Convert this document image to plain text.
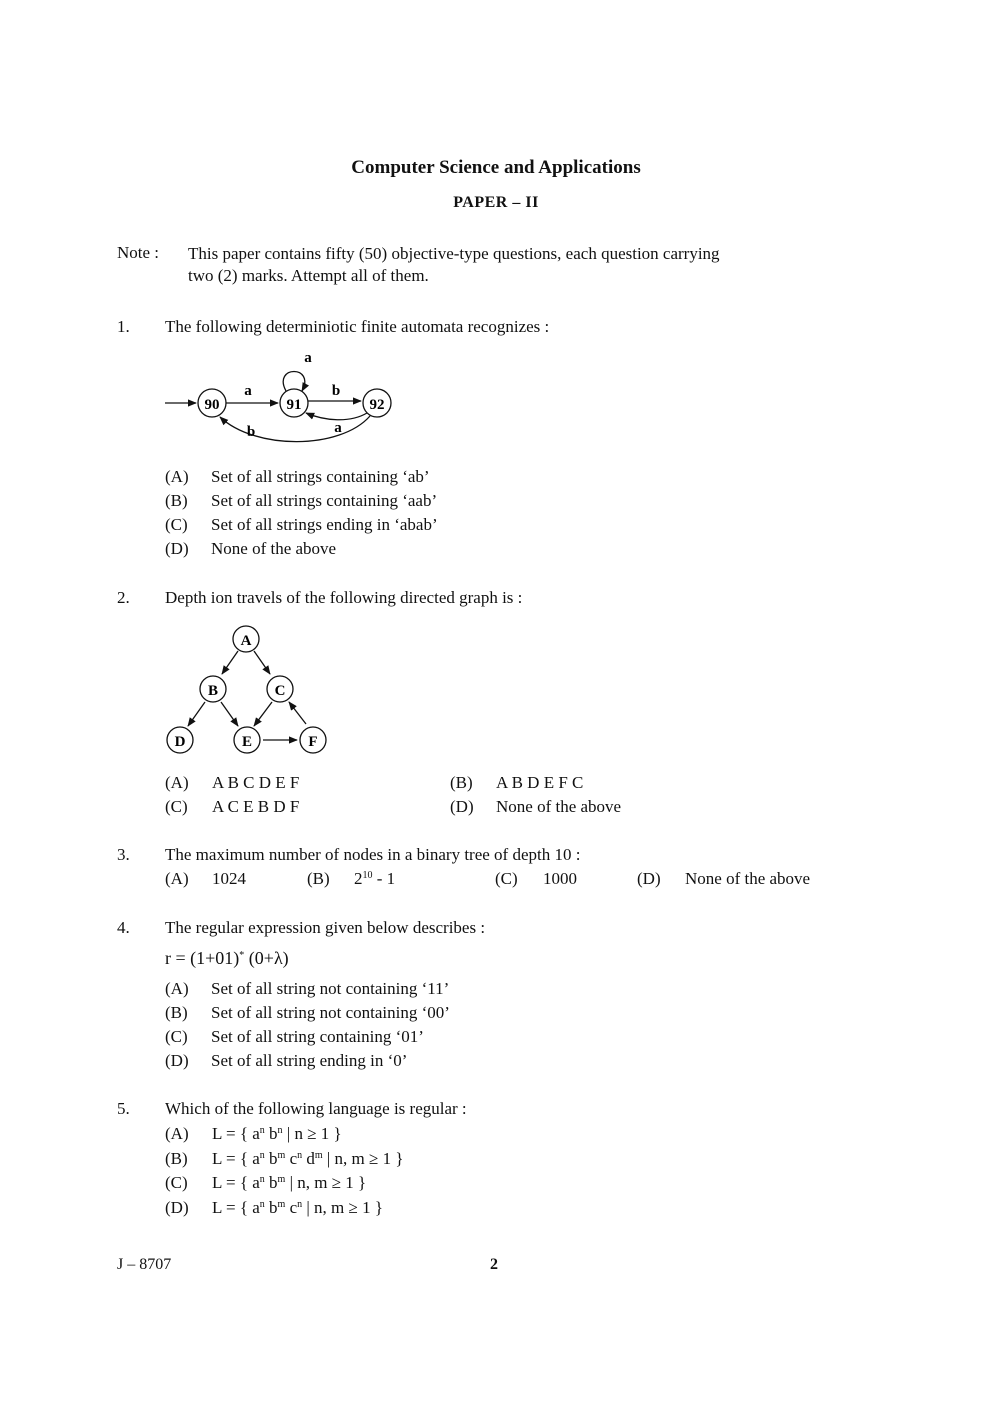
Computer Science and Applications
PAPER – II
Note : This paper contains fifty (50) objective-type questions, each question carrying
two (2) marks. Attempt all of them.
1. The following determiniotic finite automata recognizes :
90	91	92
a
a
b
b	a
(A) Set of all strings containing ‘ab’
(B) Set of all strings containing ‘aab’
(C) Set of all strings ending in ‘abab’
(D) None of the above
2. Depth ion travels of the following directed graph is :
A
B	C
D	E	F
(A) A B C D E F
(C) A C E B D F
(B) A B D E F C
(D) None of the above
3. The maximum number of nodes in a binary tree of depth 10 :
(A) 1024	(B) $2^{10} - 1$	(C) 1000	(D) None of the above
4. The regular expression given below describes :
r = (1+01)* (0+λ)
(A) Set of all string not containing ‘11’
(B) Set of all string not containing ‘00’
(C) Set of all string containing ‘01’
(D) Set of all string ending in ‘0’
5. Which of the following language is regular :
(A) L = { $a^n$ $b^n$ | n ≥ 1 }
(B) L = { $a^n$ $b^m$ $c^n$ $d^m$ | n, m ≥ 1 }
(C) L = { $a^n$ $b^m$ | n, m ≥ 1 }
(D) L = { $a^n$ $b^m$ $c^n$ | n, m ≥ 1 }
J – 8707	2
